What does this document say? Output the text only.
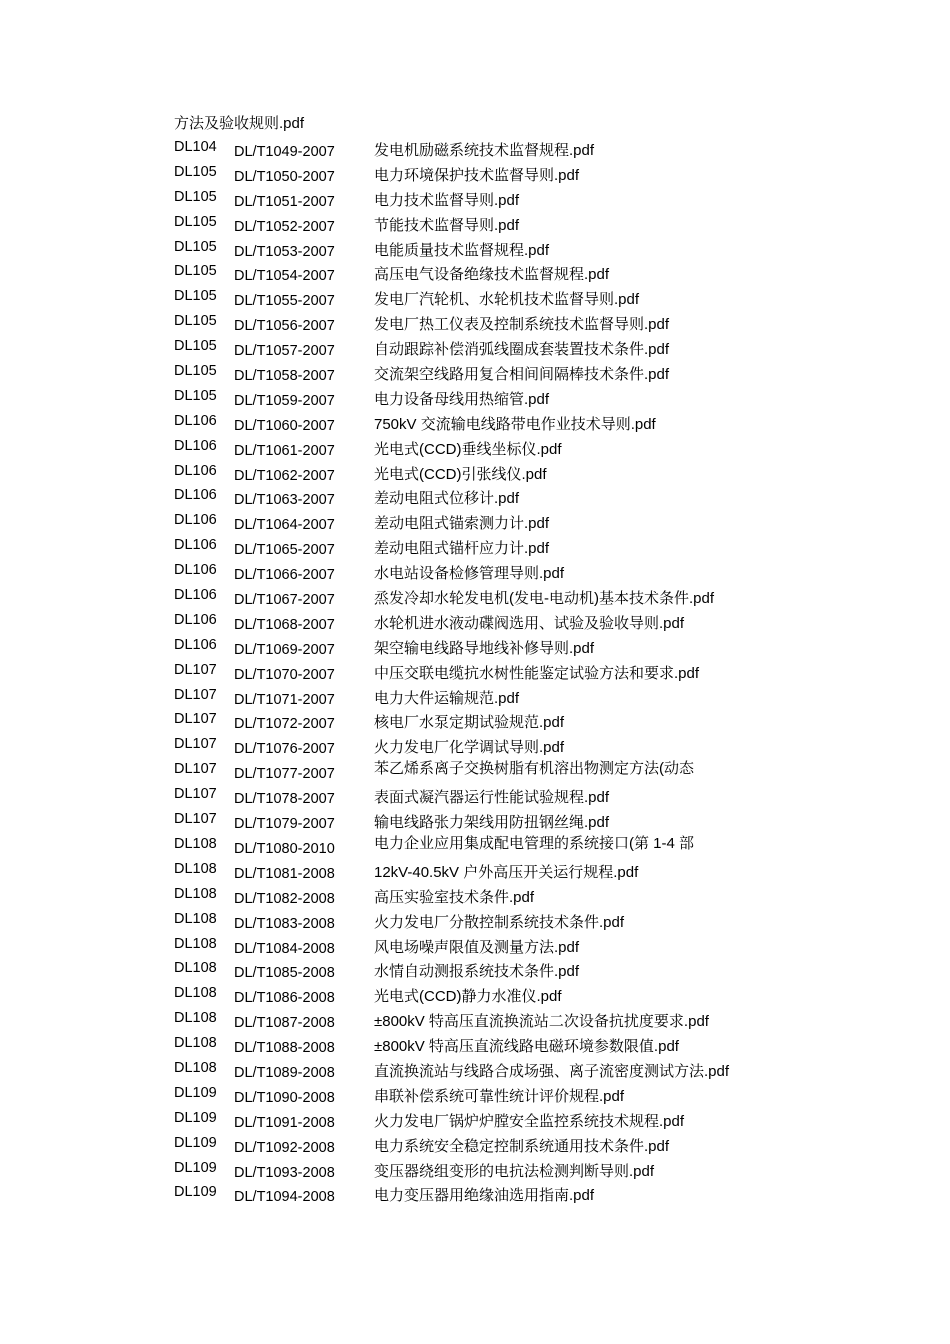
方法及验收规则.pdf
DL104 DL/T1049-2007	发电机励磁系统技术监督规程.pdf
DL105 DL/T1050-2007	电力环境保护技术监督导则.pdf
DL105 DL/T1051-2007	电力技术监督导则.pdf
DL105 DL/T1052-2007	节能技术监督导则.pdf
DL105 DL/T1053-2007	电能质量技术监督规程.pdf
DL105 DL/T1054-2007	高压电气设备绝缘技术监督规程.pdf
DL105 DL/T1055-2007	发电厂汽轮机、水轮机技术监督导则.pdf
DL105 DL/T1056-2007	发电厂热工仪表及控制系统技术监督导则.pdf
DL105 DL/T1057-2007	自动跟踪补偿消弧线圈成套装置技术条件.pdf
DL105 DL/T1058-2007	交流架空线路用复合相间间隔棒技术条件.pdf
DL105 DL/T1059-2007	电力设备母线用热缩管.pdf
DL106 DL/T1060-2007	750kV 交流输电线路带电作业技术导则.pdf
DL106 DL/T1061-2007	光电式(CCD)垂线坐标仪.pdf
DL106 DL/T1062-2007	光电式(CCD)引张线仪.pdf
DL106 DL/T1063-2007	差动电阻式位移计.pdf
DL106 DL/T1064-2007	差动电阻式锚索测力计.pdf
DL106 DL/T1065-2007	差动电阻式锚杆应力计.pdf
DL106 DL/T1066-2007	水电站设备检修管理导则.pdf
DL106 DL/T1067-2007	烝发冷却水轮发电机(发电-电动机)基本技术条件.pdf
DL106 DL/T1068-2007	水轮机进水液动碟阀选用、试验及验收导则.pdf
DL106 DL/T1069-2007	架空输电线路导地线补修导则.pdf
DL107 DL/T1070-2007	中压交联电缆抗水树性能鉴定试验方法和要求.pdf
DL107 DL/T1071-2007	电力大件运输规范.pdf
DL107 DL/T1072-2007	核电厂水泵定期试验规范.pdf
DL107 DL/T1076-2007	火力发电厂化学调试导则.pdf
DL107 DL/T1077-2007	苯乙烯系离子交换树脂有机溶出物测定方法(动态
DL107 DL/T1078-2007	表面式凝汽器运行性能试验规程.pdf
DL107 DL/T1079-2007	输电线路张力架线用防扭钢丝绳.pdf
DL108 DL/T1080-2010	电力企业应用集成配电管理的系统接口(第 1-4 部
DL108 DL/T1081-2008	12kV-40.5kV 户外高压开关运行规程.pdf
DL108 DL/T1082-2008	高压实验室技术条件.pdf
DL108 DL/T1083-2008	火力发电厂分散控制系统技术条件.pdf
DL108 DL/T1084-2008	风电场噪声限值及测量方法.pdf
DL108 DL/T1085-2008	水情自动测报系统技术条件.pdf
DL108 DL/T1086-2008	光电式(CCD)静力水准仪.pdf
DL108 DL/T1087-2008	±800kV 特高压直流换流站二次设备抗扰度要求.pdf
DL108 DL/T1088-2008	±800kV 特高压直流线路电磁环境参数限值.pdf
DL108 DL/T1089-2008	直流换流站与线路合成场强、离子流密度测试方法.pdf
DL109 DL/T1090-2008	串联补偿系统可靠性统计评价规程.pdf
DL109 DL/T1091-2008	火力发电厂锅炉炉膛安全监控系统技术规程.pdf
DL109 DL/T1092-2008	电力系统安全稳定控制系统通用技术条件.pdf
DL109 DL/T1093-2008	变压器绕组变形的电抗法检测判断导则.pdf
DL109 DL/T1094-2008	电力变压器用绝缘油选用指南.pdf
